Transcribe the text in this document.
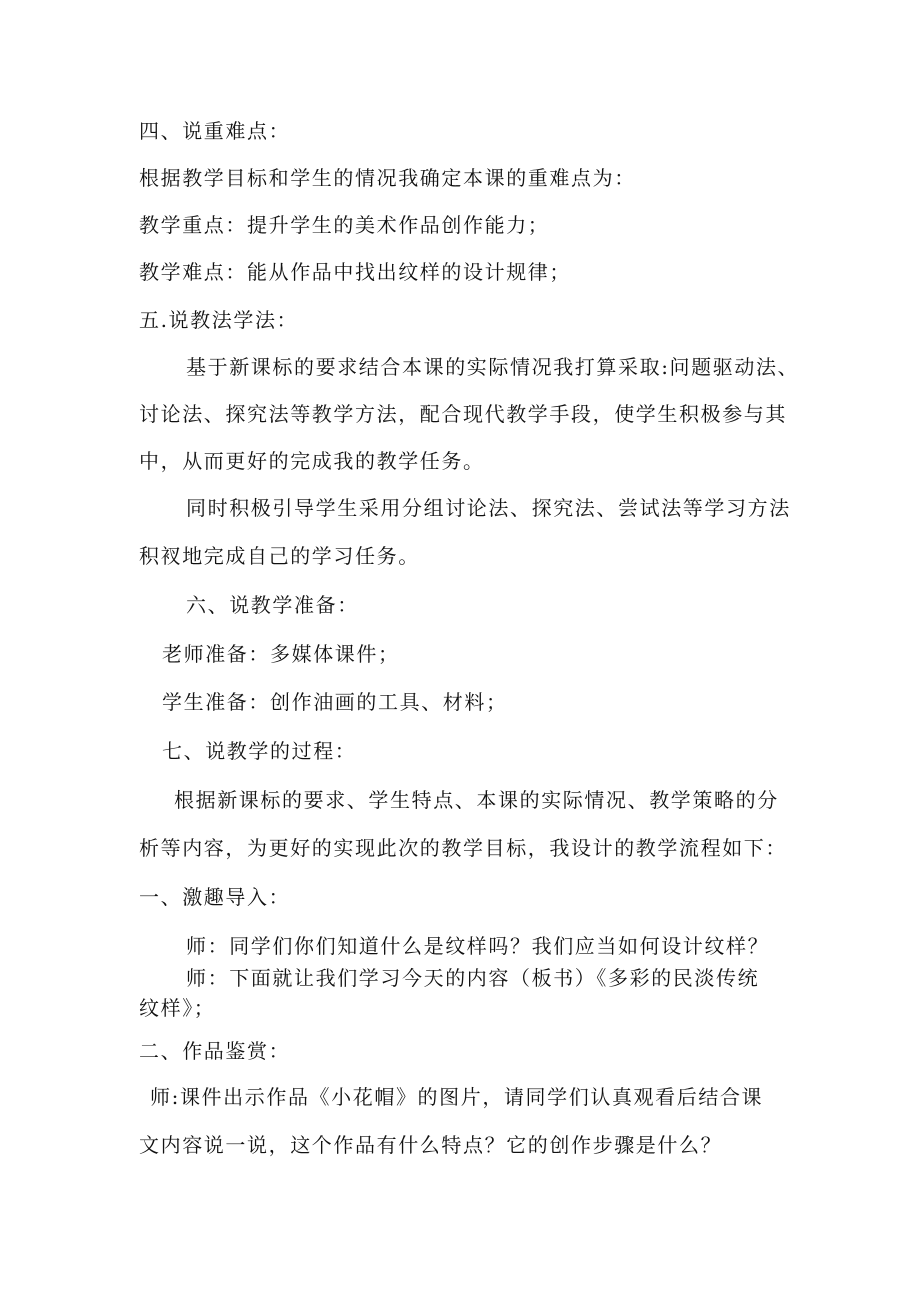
四、说重难点：
根据教学目标和学生的情况我确定本课的重难点为：
教学重点：提升学生的美术作品创作能力；
教学难点：能从作品中找出纹样的设计规律；
五.说教法学法：
基于新课标的要求结合本课的实际情况我打算采取:问题驱动法、
讨论法、探究法等教学方法，配合现代教学手段，使学生积极参与其
中，从而更好的完成我的教学任务。
同时积极引导学生采用分组讨论法、探究法、尝试法等学习方法
积衩地完成自己的学习任务。
六、说教学准备：
老师准备：多媒体课件；
学生准备：创作油画的工具、材料；
七、说教学的过程：
根据新课标的要求、学生特点、本课的实际情况、教学策略的分
析等内容，为更好的实现此次的教学目标，我设计的教学流程如下：
一、激趣导入：
师：同学们你们知道什么是纹样吗？我们应当如何设计纹样？
师：下面就让我们学习今天的内容（板书）《多彩的民淡传统
纹样》；
二、作品鉴赏：
师:课件出示作品《小花帽》的图片，请同学们认真观看后结合课
文内容说一说，这个作品有什么特点？它的创作步骤是什么？
